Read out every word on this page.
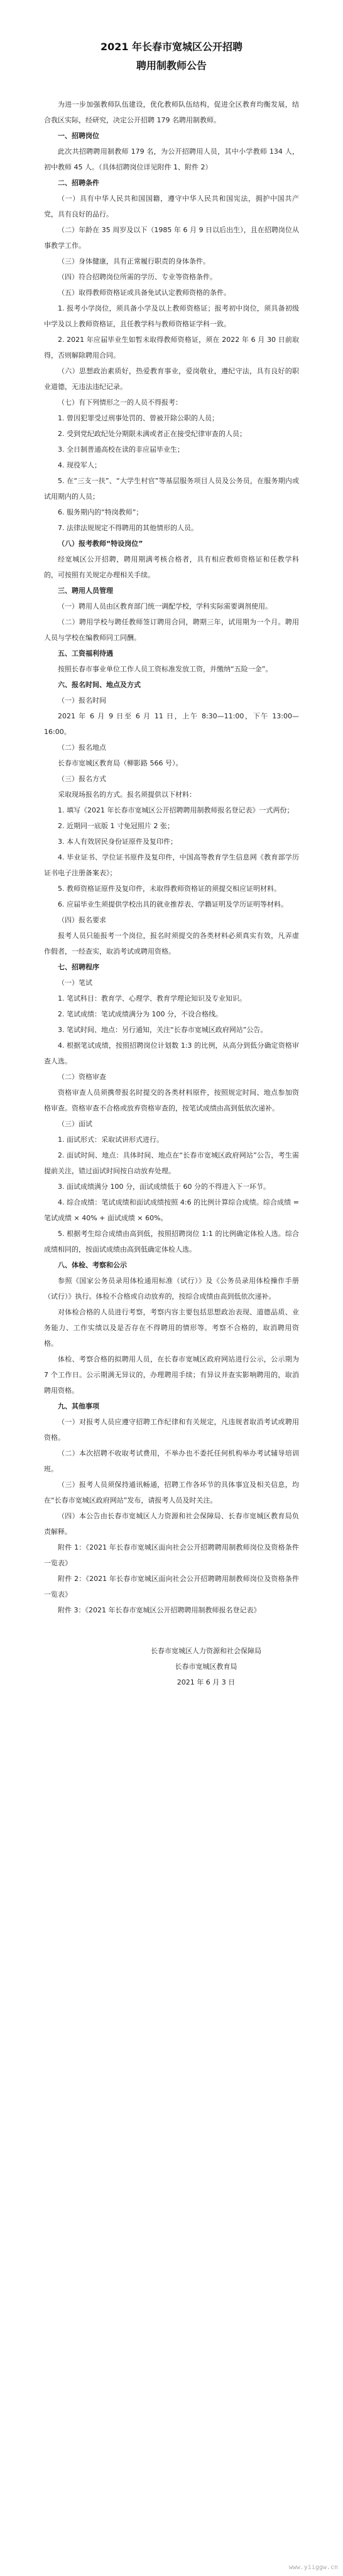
2021 年长春市宽城区公开招聘
聘用制教师公告

为进一步加强教师队伍建设，优化教师队伍结构，促进全区教育均衡发展，结合我区实际，经研究，决定公开招聘 179 名聘用制教师。

一、招聘岗位

此次共招聘聘用制教师 179 名，为公开招聘用人员，其中小学教师 134 人，初中教师 45 人。（具体招聘岗位详见附件 1、附件 2）

二、招聘条件

（一）具有中华人民共和国国籍，遵守中华人民共和国宪法，拥护中国共产党，具有良好的品行。

（二）年龄在 35 周岁及以下（1985 年 6 月 9 日以后出生），且在招聘岗位从事教学工作。

（三）身体健康，具有正常履行职责的身体条件。

（四）符合招聘岗位所需的学历、专业等资格条件。

（五）取得教师资格证或具备免试认定教师资格的条件。

1. 报考小学岗位，须具备小学及以上教师资格证；报考初中岗位，须具备初级中学及以上教师资格证，且任教学科与教师资格证学科一致。

2. 2021 年应届毕业生如暂未取得教师资格证，须在 2022 年 6 月 30 日前取得，否则解除聘用合同。

（六）思想政治素质好，热爱教育事业，爱岗敬业，遵纪守法，具有良好的职业道德，无违法违纪记录。

（七）有下列情形之一的人员不得报考：

1. 曾因犯罪受过刑事处罚的、曾被开除公职的人员；

2. 受到党纪政纪处分期限未满或者正在接受纪律审查的人员；

3. 全日制普通高校在读的非应届毕业生；

4. 现役军人；

5. 在“三支一扶”、“大学生村官”等基层服务项目人员及公务员，在服务期内或试用期内的人员；

6. 服务期内的“特岗教师”；

7. 法律法规规定不得聘用的其他情形的人员。

（八）报考教师“特设岗位”

经宽城区公开招聘，聘用期满考核合格者，具有相应教师资格证和任教学科的，可按照有关规定办理相关手续。

三、聘用人员管理

（一）聘用人员由区教育部门统一调配学校，学科实际需要调剂使用。

（二）聘用学校与聘任教师签订聘用合同，聘期三年，试用期为一个月。聘用人员与学校在编教师同工同酬。

五、工资福利待遇

按照长春市事业单位工作人员工资标准发放工资，并缴纳“五险一金”。

六、报名时间、地点及方式

（一）报名时间

2021 年 6 月 9 日至 6 月 11 日，上午 8:30—11:00，下午 13:00—16:00。

（二）报名地点

长春市宽城区教育局（柳影路 566 号）。

（三）报名方式

采取现场报名的方式。报名须提供以下材料：

1. 填写《2021 年长春市宽城区公开招聘聘用制教师报名登记表》一式两份；

2. 近期同一底版 1 寸免冠照片 2 张；

3. 本人有效居民身份证原件及复印件；

4. 毕业证书、学位证书原件及复印件，中国高等教育学生信息网《教育部学历证书电子注册备案表》；

5. 教师资格证原件及复印件，未取得教师资格证的须提交相应证明材料。

6. 应届毕业生须提供学校出具的就业推荐表、学籍证明及学历证明等材料。

（四）报名要求

报考人员只能报考一个岗位，报名时须提交的各类材料必须真实有效，凡弄虚作假者，一经查实，取消考试或聘用资格。

七、招聘程序

（一）笔试

1. 笔试科目：教育学、心理学、教育学理论知识及专业知识。

2. 笔试成绩：笔试成绩满分为 100 分，不设合格线。

3. 笔试时间、地点：另行通知，关注“长春市宽城区政府网站”公告。

4. 根据笔试成绩，按照招聘岗位计划数 1:3 的比例，从高分到低分确定资格审查人选。

（二）资格审查

资格审查人员须携带报名时提交的各类材料原件，按照规定时间、地点参加资格审查。资格审查不合格或放弃资格审查的，按笔试成绩由高到低依次递补。

（三）面试

1. 面试形式：采取试讲形式进行。

2. 面试时间、地点：具体时间、地点在“长春市宽城区政府网站”公告，考生需提前关注，错过面试时间按自动放弃处理。

3. 面试成绩满分 100 分，面试成绩低于 60 分的不得进入下一环节。

4. 综合成绩：笔试成绩和面试成绩按照 4:6 的比例计算综合成绩。综合成绩 = 笔试成绩 × 40% + 面试成绩 × 60%。

5. 根据考生综合成绩由高到低，按照招聘岗位 1:1 的比例确定体检人选。综合成绩相同的，按面试成绩由高到低确定体检人选。

八、体检、考察和公示

参照《国家公务员录用体检通用标准（试行）》及《公务员录用体检操作手册（试行）》执行。体检不合格或自动放弃的，按综合成绩由高到低依次递补。

对体检合格的人员进行考察，考察内容主要包括思想政治表现、道德品质、业务能力、工作实绩以及是否存在不得聘用的情形等。考察不合格的，取消聘用资格。

体检、考察合格的拟聘用人员，在长春市宽城区政府网站进行公示，公示期为 7 个工作日。公示期满无异议的，办理聘用手续；有异议并查实影响聘用的，取消聘用资格。

九、其他事项

（一）对报考人员应遵守招聘工作纪律和有关规定，凡违规者取消考试或聘用资格。

（二）本次招聘不收取考试费用，不举办也不委托任何机构举办考试辅导培训班。

（三）报考人员须保持通讯畅通，招聘工作各环节的具体事宜及相关信息，均在“长春市宽城区政府网站”发布，请报考人员及时关注。

（四）本公告由长春市宽城区人力资源和社会保障局、长春市宽城区教育局负责解释。

附件 1：《2021 年长春市宽城区面向社会公开招聘聘用制教师岗位及资格条件一览表》

附件 2：《2021 年长春市宽城区面向社会公开招聘聘用制教师岗位及资格条件一览表》

附件 3：《2021 年长春市宽城区公开招聘聘用制教师报名登记表》

长春市宽城区人力资源和社会保障局
长春市宽城区教育局
2021 年 6 月 3 日
www.yiiggw.cn
